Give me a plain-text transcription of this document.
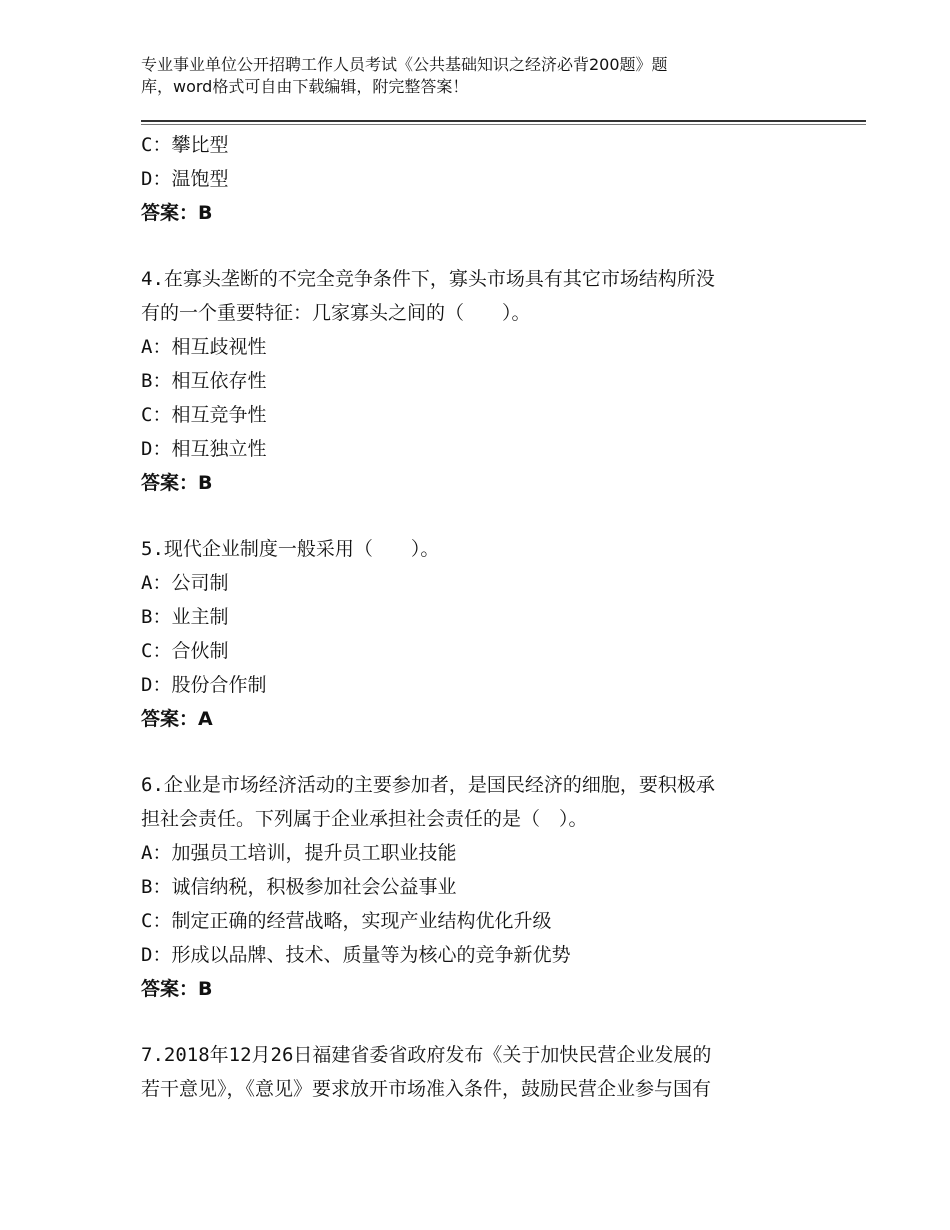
专业事业单位公开招聘工作人员考试《公共基础知识之经济必背200题》题
库，word格式可自由下载编辑，附完整答案！
C：攀比型
D：温饱型
答案：B
4.在寡头垄断的不完全竞争条件下，寡头市场具有其它市场结构所没
有的一个重要特征：几家寡头之间的（　　）。
A：相互歧视性
B：相互依存性
C：相互竞争性
D：相互独立性
答案：B
5.现代企业制度一般采用（　　）。
A：公司制
B：业主制
C：合伙制
D：股份合作制
答案：A
6.企业是市场经济活动的主要参加者，是国民经济的细胞，要积极承
担社会责任。下列属于企业承担社会责任的是（　）。
A：加强员工培训，提升员工职业技能
B：诚信纳税，积极参加社会公益事业
C：制定正确的经营战略，实现产业结构优化升级
D：形成以品牌、技术、质量等为核心的竞争新优势
答案：B
7.2018年12月26日福建省委省政府发布《关于加快民营企业发展的
若干意见》，《意见》要求放开市场准入条件，鼓励民营企业参与国有
